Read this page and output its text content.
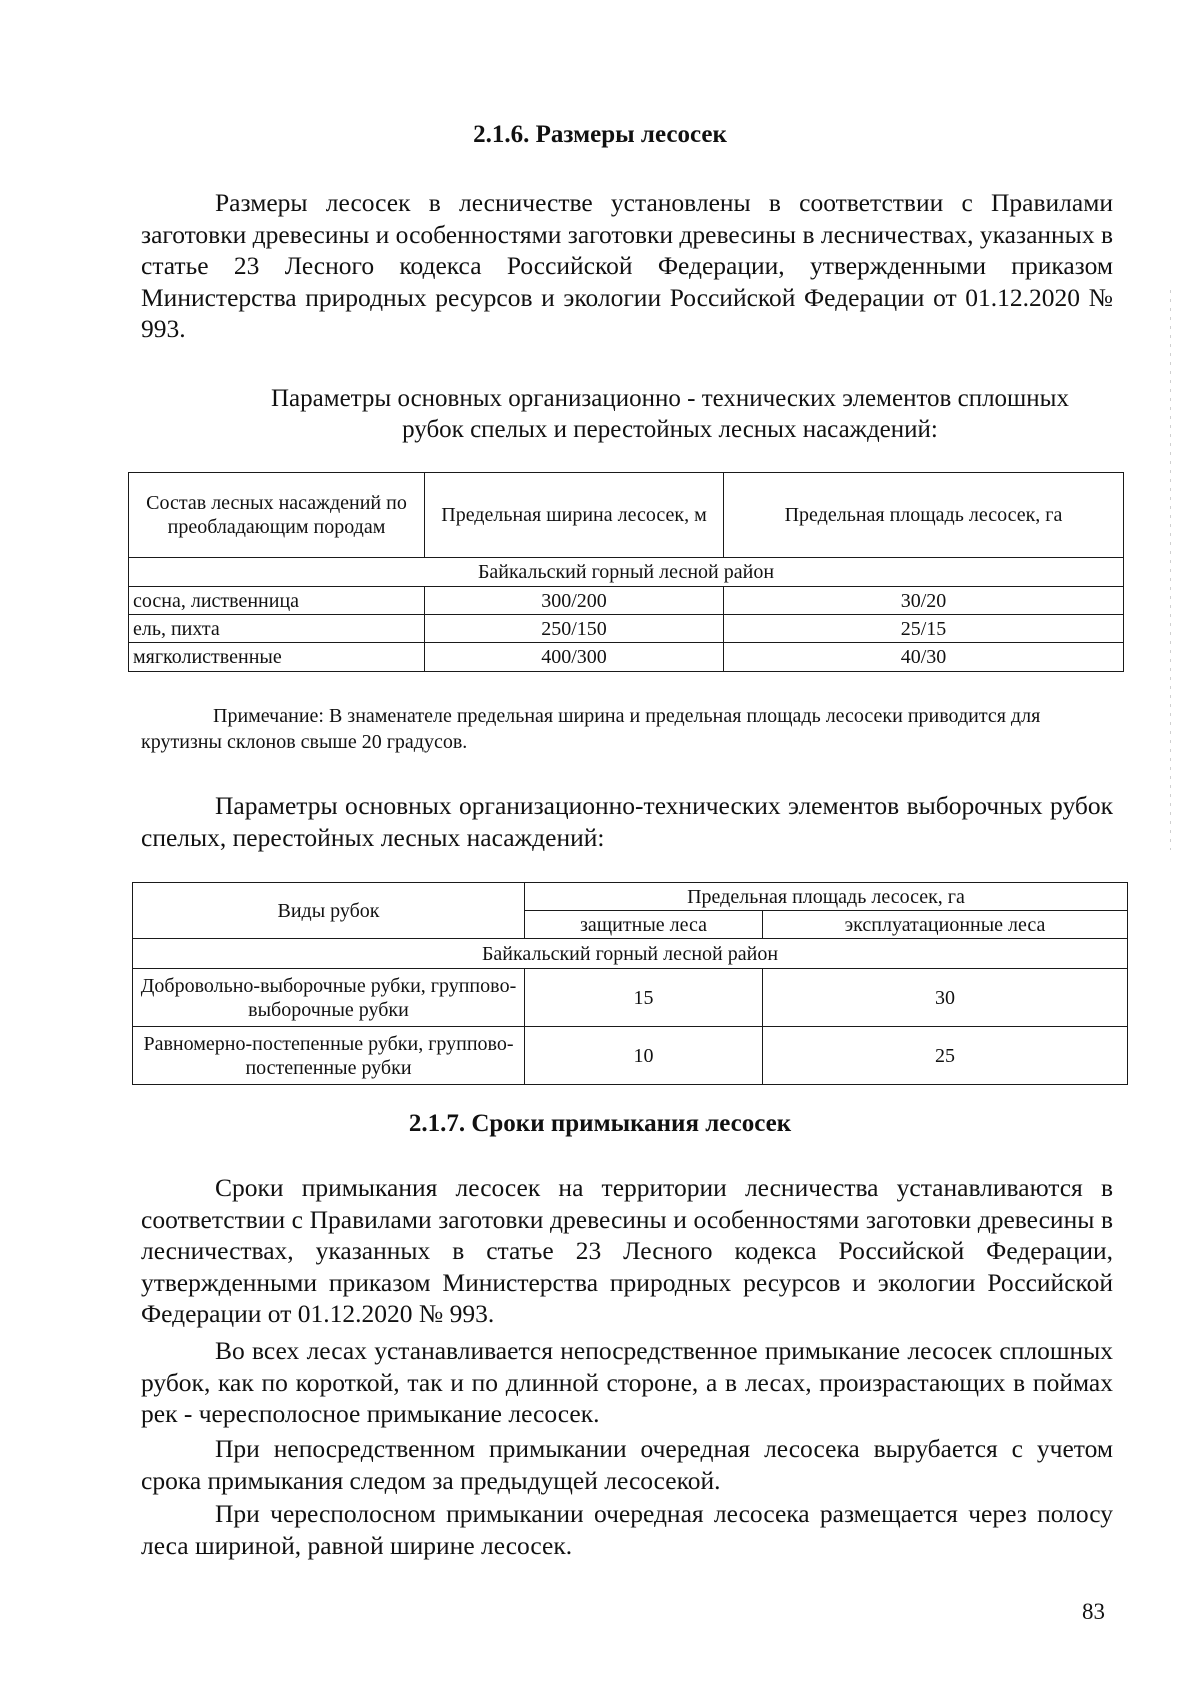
2.1.6. Размеры лесосек
Размеры лесосек в лесничестве установлены в соответствии с Правилами заготовки древесины и особенностями заготовки древесины в лесничествах, указанных в статье 23 Лесного кодекса Российской Федерации, утвержденными приказом Министерства природных ресурсов и экологии Российской Федерации от 01.12.2020 № 993.
Параметры основных организационно - технических элементов сплошных
рубок спелых и перестойных лесных насаждений:
Состав лесных насаждений по преобладающим породам	Предельная ширина лесосек, м	Предельная площадь лесосек, га
Байкальский горный лесной район		
сосна, лиственница	300/200	30/20
ель, пихта	250/150	25/15
мягколиственные	400/300	40/30
Примечание: В знаменателе предельная ширина и предельная площадь лесосеки приводится для крутизны склонов свыше 20 градусов.
Параметры основных организационно-технических элементов выборочных рубок спелых, перестойных лесных насаждений:
Виды рубок	Предельная площадь лесосек, га	
	защитные леса	эксплуатационные леса
Байкальский горный лесной район		
Добровольно-выборочные рубки, групповo-выборочные рубки	15	30
Равномерно-постепенные рубки, группово-постепенные рубки	10	25
2.1.7. Сроки примыкания лесосек
Сроки примыкания лесосек на территории лесничества устанавливаются в соответствии с Правилами заготовки древесины и особенностями заготовки древесины в лесничествах, указанных в статье 23 Лесного кодекса Российской Федерации, утвержденными приказом Министерства природных ресурсов и экологии Российской Федерации от 01.12.2020 № 993.
Во всех лесах устанавливается непосредственное примыкание лесосек сплошных рубок, как по короткой, так и по длинной стороне, а в лесах, произрастающих в поймах рек - чересполосное примыкание лесосек.
При непосредственном примыкании очередная лесосека вырубается с учетом срока примыкания следом за предыдущей лесосекой.
При чересполосном примыкании очередная лесосека размещается через полосу леса шириной, равной ширине лесосек.
83
